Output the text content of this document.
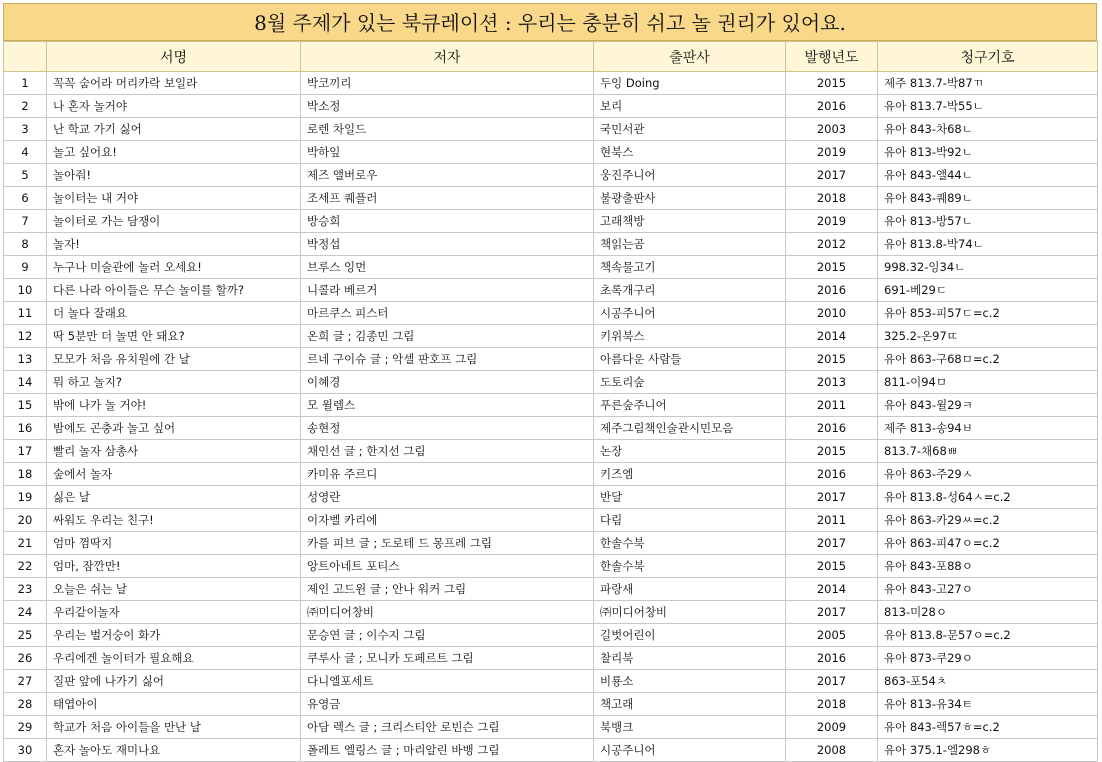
8월 주제가 있는 북큐레이션 : 우리는 충분히 쉬고 놀 권리가 있어요.
	서명	저자	출판사	발행년도	청구기호
1	꼭꼭 숨어라 머리카락 보일라	박코끼리	두잉 Doing	2015	제주 813.7-박87ㄲ
2	나 혼자 놀거야	박소정	보리	2016	유아 813.7-박55ㄴ
3	난 학교 가기 싫어	로렌 차일드	국민서관	2003	유아 843-차68ㄴ
4	놀고 싶어요!	박하잎	현북스	2019	유아 813-박92ㄴ
5	놀아줘!	제즈 앨버로우	웅진주니어	2017	유아 843-앨44ㄴ
6	놀이터는 내 거야	조세프 퀘플러	불광출판사	2018	유아 843-퀘89ㄴ
7	놀이터로 가는 담쟁이	방승희	고래책방	2019	유아 813-방57ㄴ
8	놀자!	박정섭	책읽는곰	2012	유아 813.8-박74ㄴ
9	누구나 미술관에 놀러 오세요!	브루스 잉먼	책속물고기	2015	998.32-잉34ㄴ
10	다른 나라 아이들은 무슨 놀이를 할까?	니콜라 베르거	초록개구리	2016	691-베29ㄷ
11	더 놀다 잘래요	마르쿠스 피스터	시공주니어	2010	유아 853-피57ㄷ=c.2
12	딱 5분만 더 놀면 안 돼요?	온희 글 ; 김종민 그림	키위북스	2014	325.2-온97ㄸ
13	모모가 처음 유치원에 간 날	르네 구이슈 글 ; 악셀 판호프 그림	아름다운 사람들	2015	유아 863-구68ㅁ=c.2
14	뭐 하고 놀지?	이혜경	도토리숲	2013	811-이94ㅁ
15	밖에 나가 놀 거야!	모 윌렘스	푸른숲주니어	2011	유아 843-윌29ㅋ
16	밤에도 곤충과 놀고 싶어	송현정	제주그림책인술관시민모음	2016	제주 813-송94ㅂ
17	빨리 놀자 삼총사	채인선 글 ; 한지선 그림	논장	2015	813.7-채68ㅃ
18	숲에서 놀자	카미유 주르디	키즈엠	2016	유아 863-주29ㅅ
19	싫은 날	성영란	반달	2017	유아 813.8-성64ㅅ=c.2
20	싸워도 우리는 친구!	이자벨 카리에	다림	2011	유아 863-카29ㅆ=c.2
21	엄마 껌딱지	카를 피브 글 ; 도로테 드 몽프레 그림	한솔수북	2017	유아 863-피47ㅇ=c.2
22	엄마, 잠깐만!	앙트아네트 포티스	한솔수북	2015	유아 843-포88ㅇ
23	오늘은 쉬는 날	제인 고드윈 글 ; 안나 워커 그림	파랑새	2014	유아 843-고27ㅇ
24	우리같이놀자	㈜미디어창비	㈜미디어창비	2017	813-미28ㅇ
25	우리는 벌거숭이 화가	문승연 글 ; 이수지 그림	길벗어린이	2005	유아 813.8-문57ㅇ=c.2
26	우리에겐 놀이터가 필요해요	쿠루사 글 ; 모니카 도페르트 그림	찰리북	2016	유아 873-쿠29ㅇ
27	질판 앞에 나가기 싫어	다니엘포세트	비룡소	2017	863-포54ㅊ
28	태엽아이	유영금	책고래	2018	유아 813-유34ㅌ
29	학교가 처음 아이들을 만난 날	아담 렉스 글 ; 크리스티안 로빈슨 그림	북뱅크	2009	유아 843-렉57ㅎ=c.2
30	혼자 놀아도 재미나요	폴레트 엘링스 글 ; 마리알린 바뱅 그림	시공주니어	2008	유아 375.1-엘298ㅎ
